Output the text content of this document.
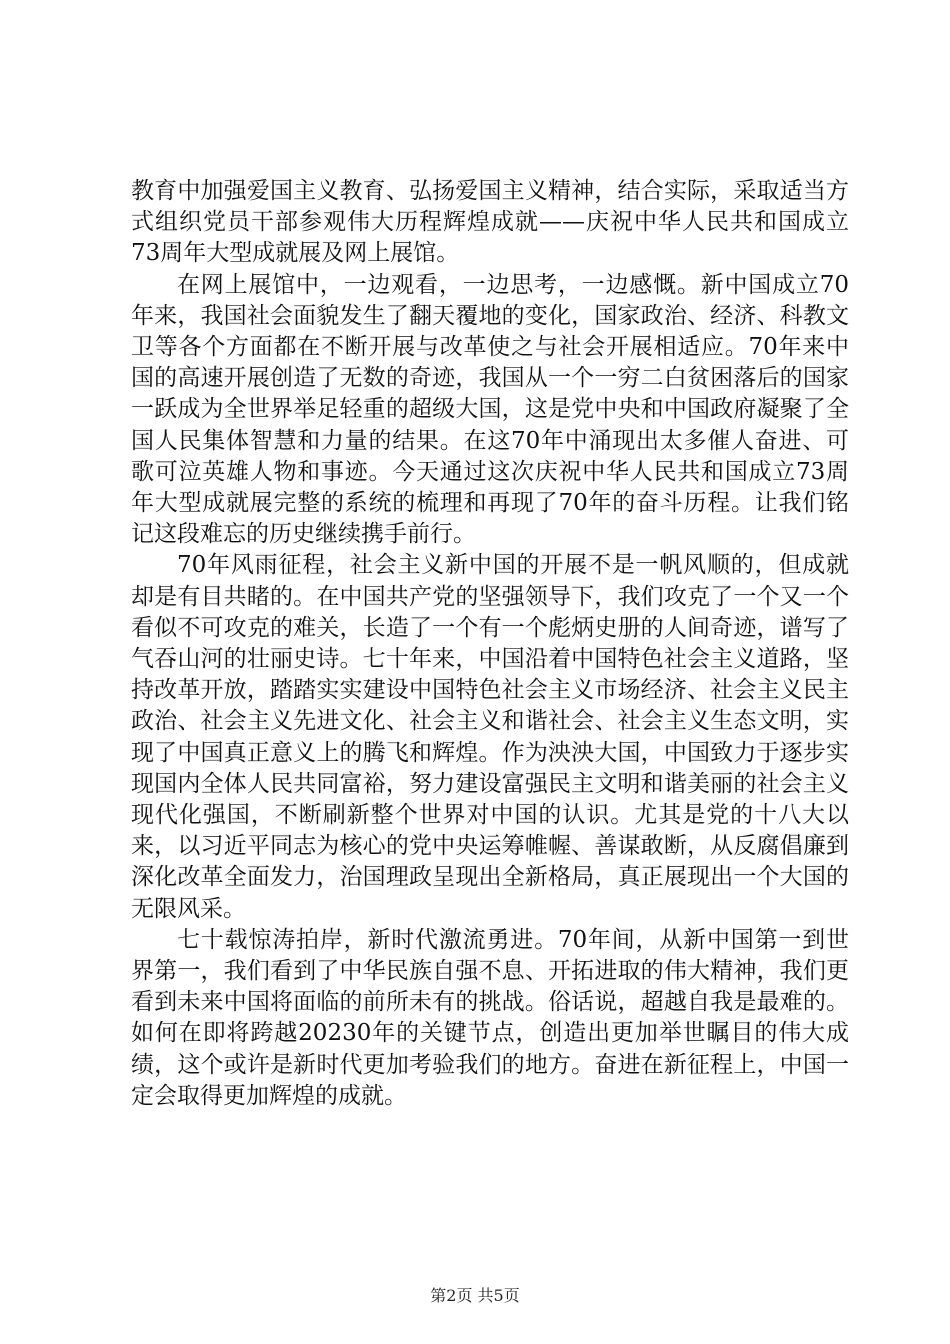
教育中加强爱国主义教育、弘扬爱国主义精神，结合实际，采取适当方式组织党员干部参观伟大历程辉煌成就——庆祝中华人民共和国成立73周年大型成就展及网上展馆。

在网上展馆中，一边观看，一边思考，一边感慨。新中国成立70年来，我国社会面貌发生了翻天覆地的变化，国家政治、经济、科教文卫等各个方面都在不断开展与改革使之与社会开展相适应。70年来中国的高速开展创造了无数的奇迹，我国从一个一穷二白贫困落后的国家一跃成为全世界举足轻重的超级大国，这是党中央和中国政府凝聚了全国人民集体智慧和力量的结果。在这70年中涌现出太多催人奋进、可歌可泣英雄人物和事迹。今天通过这次庆祝中华人民共和国成立73周年大型成就展完整的系统的梳理和再现了70年的奋斗历程。让我们铭记这段难忘的历史继续携手前行。

70年风雨征程，社会主义新中国的开展不是一帆风顺的，但成就却是有目共睹的。在中国共产党的坚强领导下，我们攻克了一个又一个看似不可攻克的难关，长造了一个有一个彪炳史册的人间奇迹，谱写了气吞山河的壮丽史诗。七十年来，中国沿着中国特色社会主义道路，坚持改革开放，踏踏实实建设中国特色社会主义市场经济、社会主义民主政治、社会主义先进文化、社会主义和谐社会、社会主义生态文明，实现了中国真正意义上的腾飞和辉煌。作为泱泱大国，中国致力于逐步实现国内全体人民共同富裕，努力建设富强民主文明和谐美丽的社会主义现代化强国，不断刷新整个世界对中国的认识。尤其是党的十八大以来，以习近平同志为核心的党中央运筹帷幄、善谋敢断，从反腐倡廉到深化改革全面发力，治国理政呈现出全新格局，真正展现出一个大国的无限风采。

七十载惊涛拍岸，新时代激流勇进。70年间，从新中国第一到世界第一，我们看到了中华民族自强不息、开拓进取的伟大精神，我们更看到未来中国将面临的前所未有的挑战。俗话说，超越自我是最难的。如何在即将跨越20230年的关键节点，创造出更加举世瞩目的伟大成绩，这个或许是新时代更加考验我们的地方。奋进在新征程上，中国一定会取得更加辉煌的成就。

第2页 共5页
